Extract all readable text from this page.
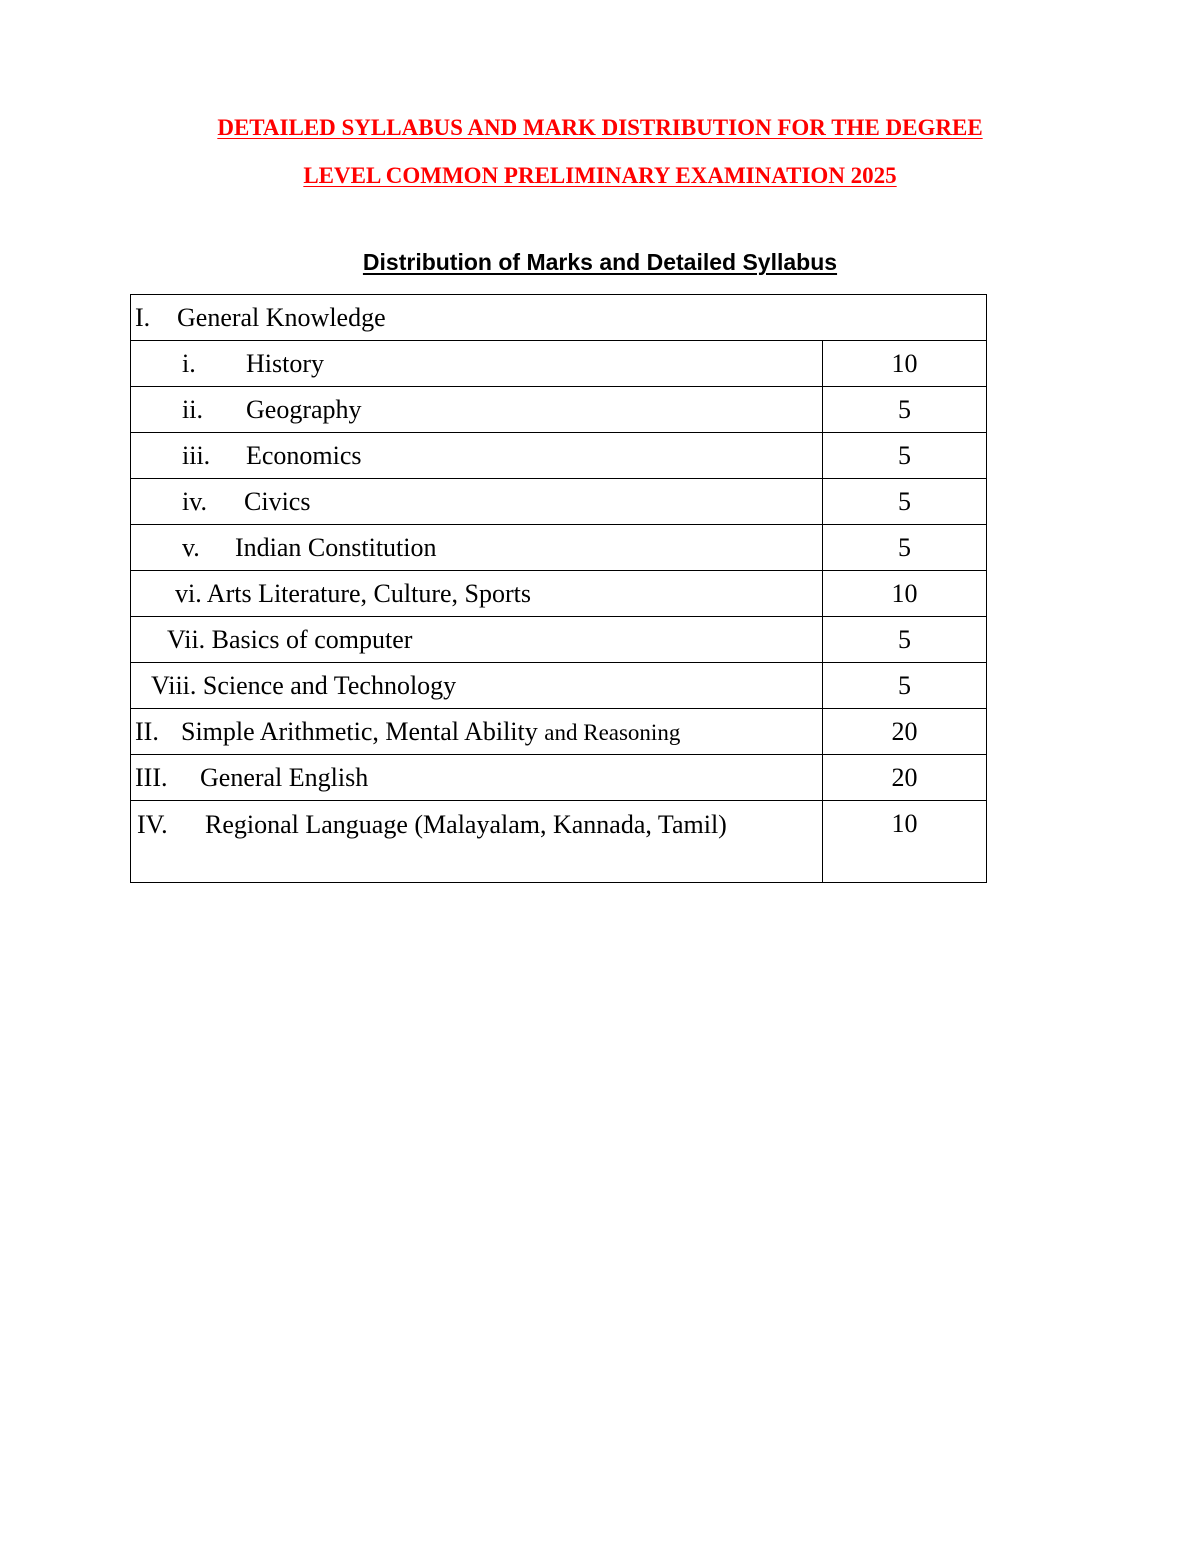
DETAILED SYLLABUS AND MARK DISTRIBUTION FOR THE DEGREE
LEVEL COMMON PRELIMINARY EXAMINATION 2025
Distribution of Marks and Detailed Syllabus
I. General Knowledge	
i. History	10
ii. Geography	5
iii. Economics	5
iv. Civics	5
v. Indian Constitution	5
vi. Arts Literature, Culture, Sports	10
Vii. Basics of computer	5
Viii. Science and Technology	5
II. Simple Arithmetic, Mental Ability and Reasoning	20
III. General English	20

IV. Regional Language (Malayalam, Kannada, Tamil)	10
